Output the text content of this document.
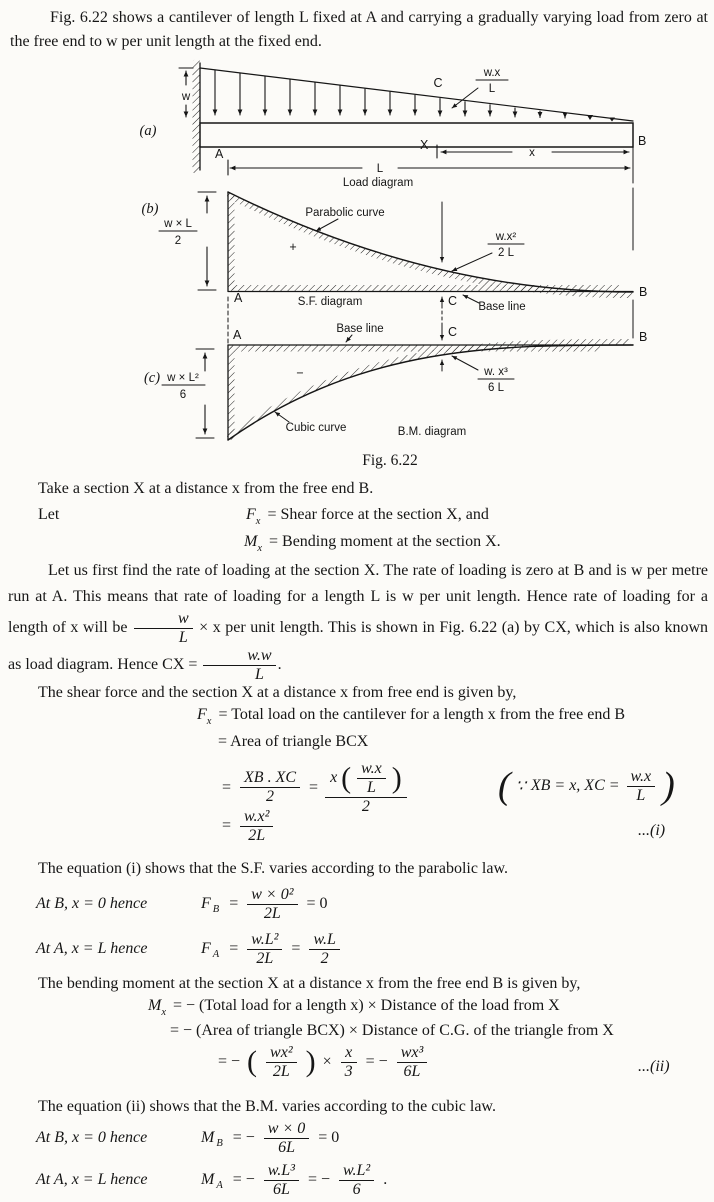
Fig. 6.22 shows a cantilever of length L fixed at A and carrying a gradually varying load from zero at the free end to w per unit length at the fixed end.
w
(a)
C
w.x
L
A
B
X
x
L
Load diagram
(b)
w × L
2	+
Parabolic curve
w.x²
2 L
C
A	B
S.F. diagram	Base line
Base line
A	B
−
(c) w × L²
6
C
w. x³
6 L
Cubic curve	B.M. diagram
Fig. 6.22
Take a section X at a distance x from the free end B.
Let	$F_x$ = Shear force at the section X, and
$M_x$ = Bending moment at the section X.
Let us first find the rate of loading at the section X. The rate of loading is zero at B and is w per metre run at A. This means that rate of loading for a length L is w per unit length. Hence rate of loading for a length of x will be $\frac{w}{L} \times x$ per unit length. This is shown in Fig. 6.22 (a) by CX, which is also known as load diagram. Hence CX = $\frac{w.w}{L}$ .
The shear force and the section X at a distance x from free end is given by,
$F_x$ = Total load on the cantilever for a length x from the free end B
= Area of triangle BCX
= $\frac{XB . XC}{2} = \frac{x ( \frac{w.x}{L} )}{2}$ ( ∵ XB = x, XC = $\frac{w.x}{L}$ )
= $\frac{\text{w.x²}}{2L}$	...(i)
The equation (i) shows that the S.F. varies according to the parabolic law.
At B, x = 0 hence	F $B = \frac{\text{w × 0²}}{2L} = 0$
At A, x = L hence	F $A = \frac{\text{w.L²}}{2L} = \frac{w.L}{2}$
The bending moment at the section X at a distance x from the free end B is given by,
$M_x$ = − (Total load for a length x) × Distance of the load from X
= − (Area of triangle BCX) × Distance of C.G. of the triangle from X
= − ( $\frac{\text{wx²}}{2L}$ ) × $\frac{x}{3}$ = − $\frac{\text{wx³}}{6L}$	...(ii)
The equation (ii) shows that the B.M. varies according to the cubic law.
At B, x = 0 hence	M B = − $\frac{w \times 0}{6L} = 0$
At A, x = L hence	M A = − $\frac{\text{w.L³}}{6L}$ = − $\frac{\text{w.L²}}{6}$ .
